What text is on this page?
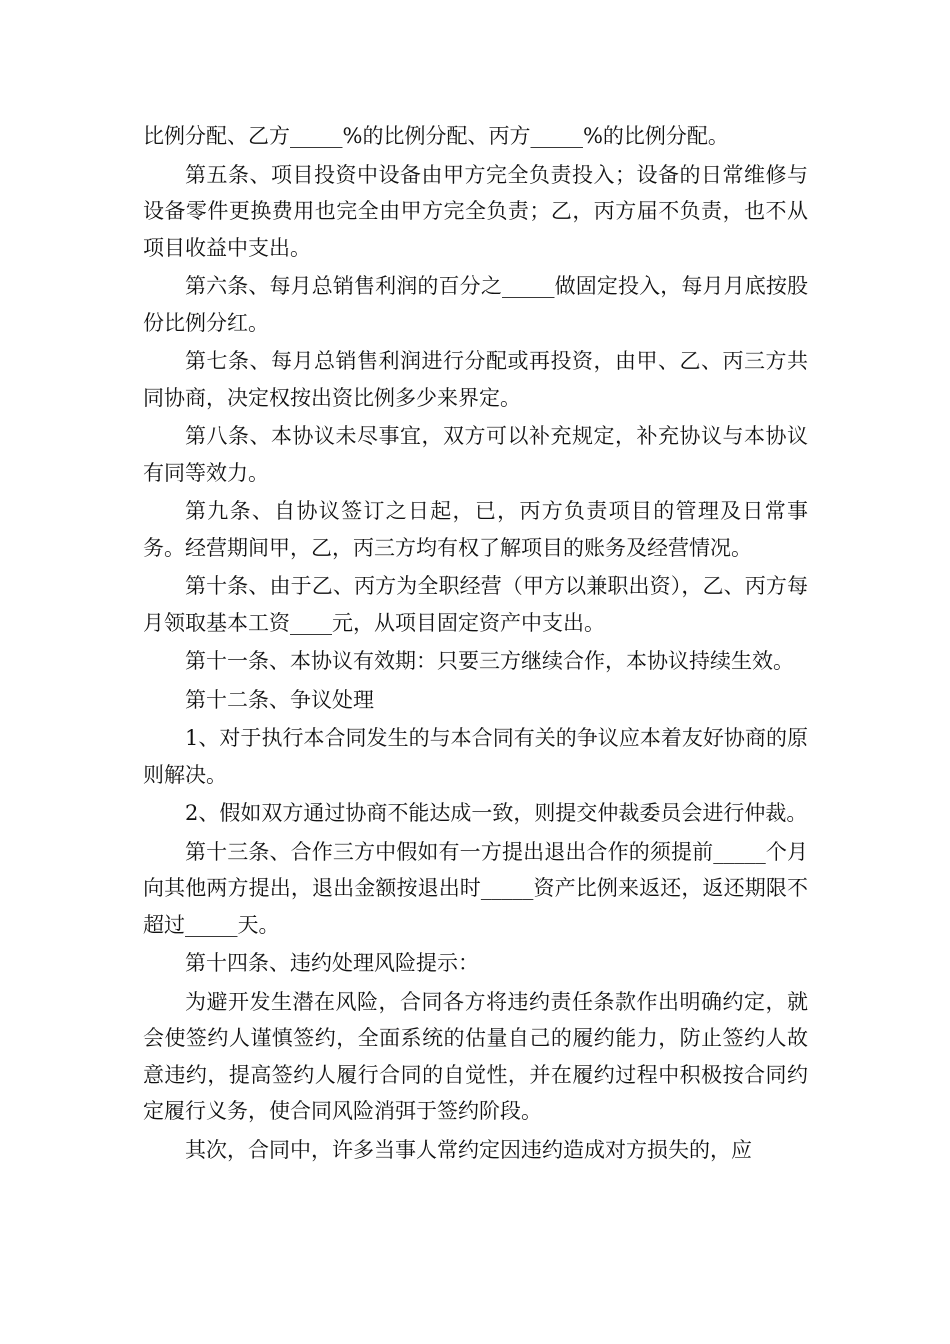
比例分配、乙方_____%的比例分配、丙方_____%的比例分配。

第五条、项目投资中设备由甲方完全负责投入；设备的日常维修与设备零件更换费用也完全由甲方完全负责；乙，丙方届不负责，也不从项目收益中支出。

第六条、每月总销售利润的百分之_____做固定投入，每月月底按股份比例分红。

第七条、每月总销售利润进行分配或再投资，由甲、乙、丙三方共同协商，决定权按出资比例多少来界定。

第八条、本协议未尽事宜，双方可以补充规定，补充协议与本协议有同等效力。

第九条、自协议签订之日起，已，丙方负责项目的管理及日常事务。经营期间甲，乙，丙三方均有权了解项目的账务及经营情况。

第十条、由于乙、丙方为全职经营（甲方以兼职出资），乙、丙方每月领取基本工资____元，从项目固定资产中支出。

第十一条、本协议有效期：只要三方继续合作，本协议持续生效。

第十二条、争议处理

1、对于执行本合同发生的与本合同有关的争议应本着友好协商的原则解决。

2、假如双方通过协商不能达成一致，则提交仲裁委员会进行仲裁。

第十三条、合作三方中假如有一方提出退出合作的须提前_____个月向其他两方提出，退出金额按退出时_____资产比例来返还，返还期限不超过_____天。

第十四条、违约处理风险提示：

为避开发生潜在风险，合同各方将违约责任条款作出明确约定，就会使签约人谨慎签约，全面系统的估量自己的履约能力，防止签约人故意违约，提高签约人履行合同的自觉性，并在履约过程中积极按合同约定履行义务，使合同风险消弭于签约阶段。

其次，合同中，许多当事人常约定因违约造成对方损失的，应
